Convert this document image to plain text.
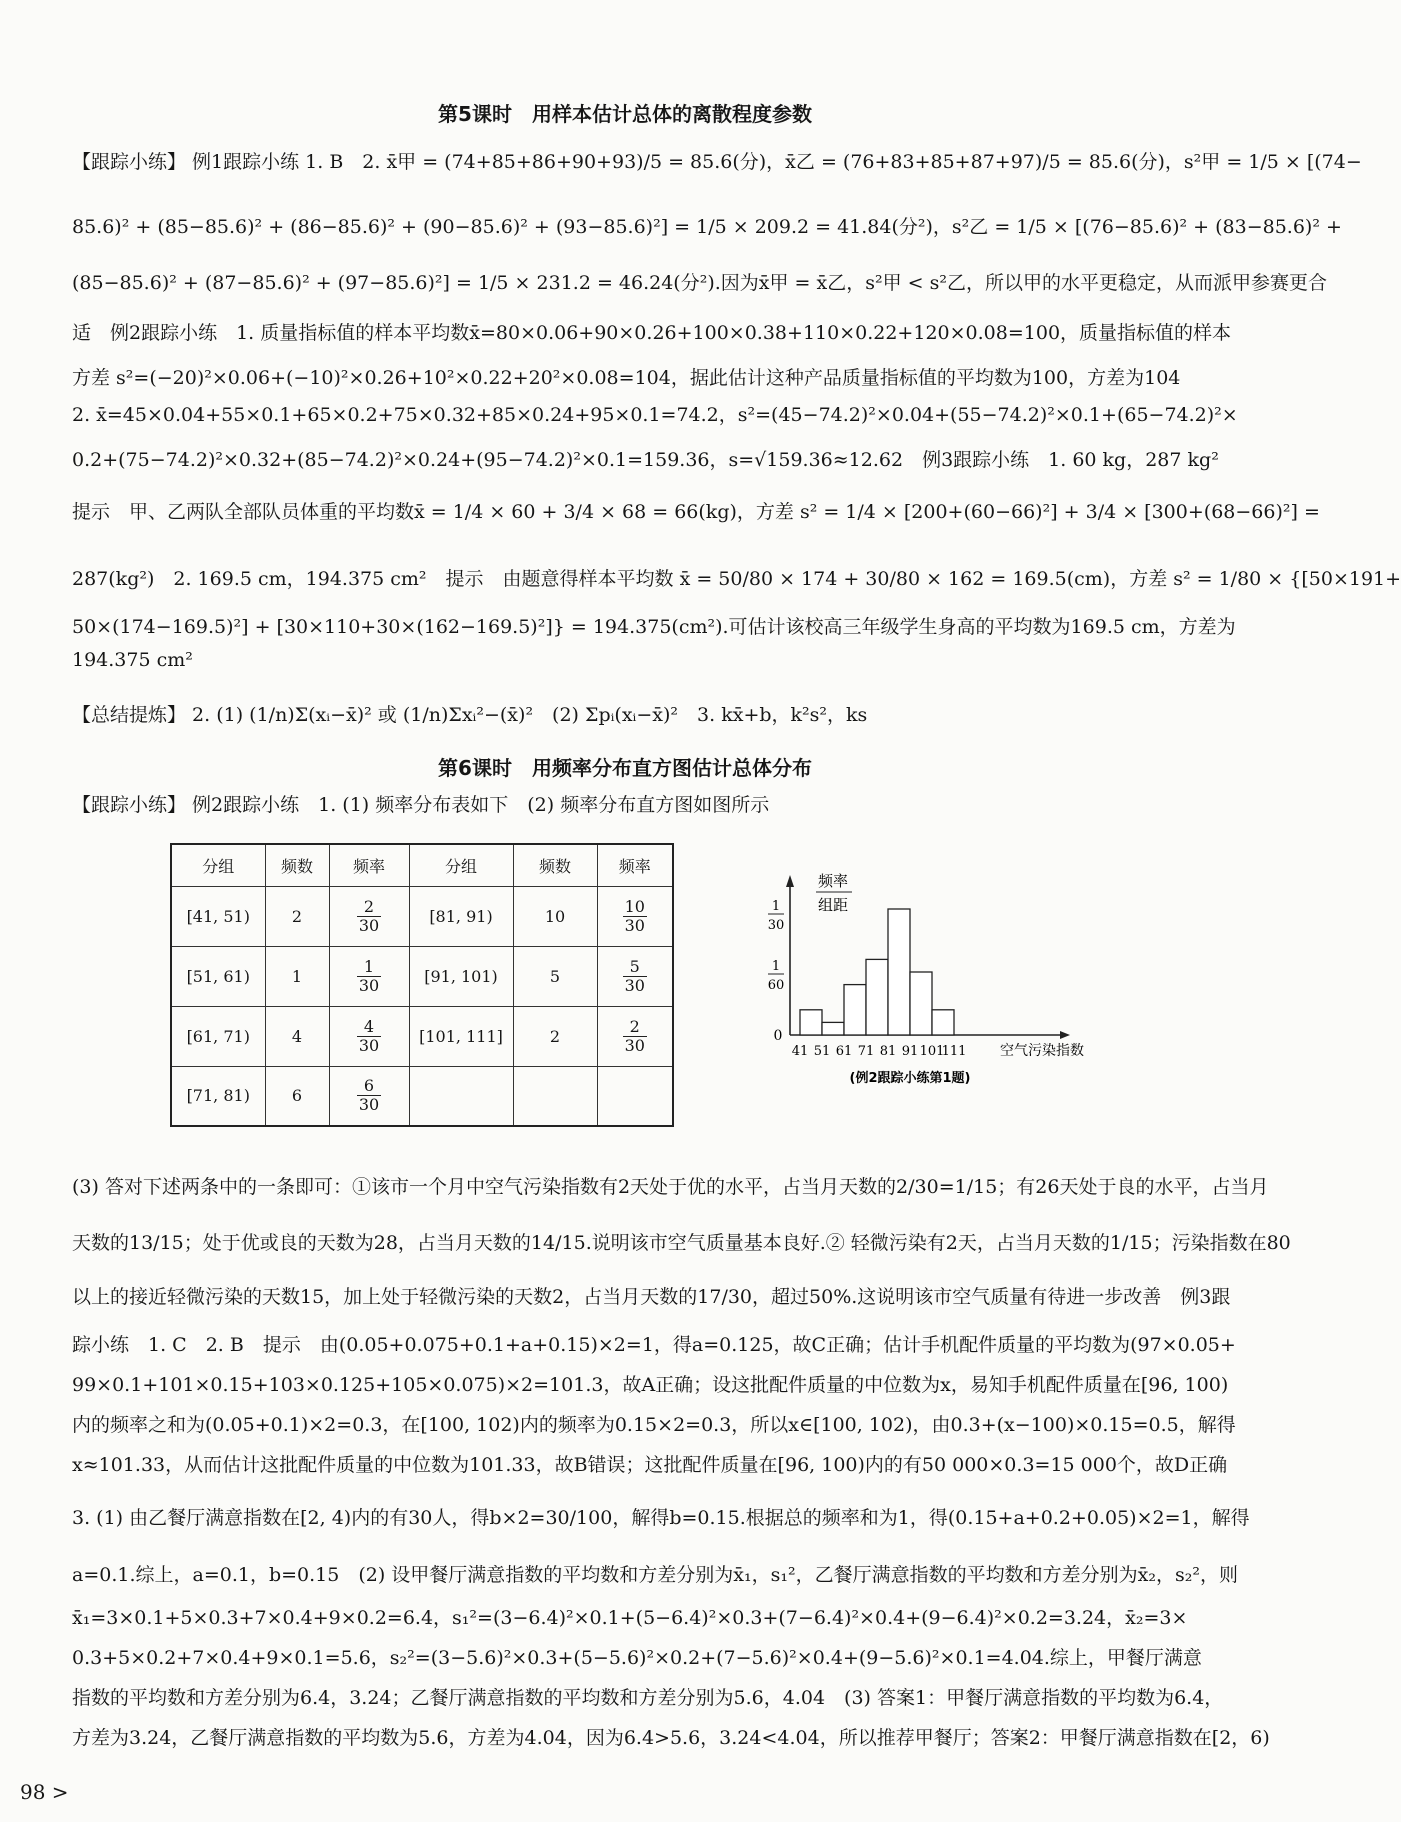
第5课时　用样本估计总体的离散程度参数
【跟踪小练】 例1跟踪小练 1. B　2. x̄甲 = (74+85+86+90+93)/5 = 85.6(分)，x̄乙 = (76+83+85+87+97)/5 = 85.6(分)，s²甲 = 1/5 × [(74−
85.6)² + (85−85.6)² + (86−85.6)² + (90−85.6)² + (93−85.6)²] = 1/5 × 209.2 = 41.84(分²)，s²乙 = 1/5 × [(76−85.6)² + (83−85.6)² +
(85−85.6)² + (87−85.6)² + (97−85.6)²] = 1/5 × 231.2 = 46.24(分²).因为x̄甲 = x̄乙，s²甲 < s²乙，所以甲的水平更稳定，从而派甲参赛更合
适　例2跟踪小练　1. 质量指标值的样本平均数x̄=80×0.06+90×0.26+100×0.38+110×0.22+120×0.08=100，质量指标值的样本
方差 s²=(−20)²×0.06+(−10)²×0.26+10²×0.22+20²×0.08=104，据此估计这种产品质量指标值的平均数为100，方差为104
2. x̄=45×0.04+55×0.1+65×0.2+75×0.32+85×0.24+95×0.1=74.2，s²=(45−74.2)²×0.04+(55−74.2)²×0.1+(65−74.2)²×
0.2+(75−74.2)²×0.32+(85−74.2)²×0.24+(95−74.2)²×0.1=159.36，s=√159.36≈12.62　例3跟踪小练　1. 60 kg，287 kg²
提示　甲、乙两队全部队员体重的平均数x̄ = 1/4 × 60 + 3/4 × 68 = 66(kg)，方差 s² = 1/4 × [200+(60−66)²] + 3/4 × [300+(68−66)²] =
287(kg²)　2. 169.5 cm，194.375 cm²　提示　由题意得样本平均数 x̄ = 50/80 × 174 + 30/80 × 162 = 169.5(cm)，方差 s² = 1/80 × {[50×191+
50×(174−169.5)²] + [30×110+30×(162−169.5)²]} = 194.375(cm²).可估计该校高三年级学生身高的平均数为169.5 cm，方差为
194.375 cm²
【总结提炼】 2. (1) (1/n)Σ(xᵢ−x̄)² 或 (1/n)Σxᵢ²−(x̄)²　(2) Σpᵢ(xᵢ−x̄)²　3. kx̄+b，k²s²，ks
第6课时　用频率分布直方图估计总体分布
【跟踪小练】 例2跟踪小练　1. (1) 频率分布表如下　(2) 频率分布直方图如图所示
分组	频数	频率	分组	频数	频率
[41, 51)	2	$\frac{2}{30}$	[81, 91)	10	$\frac{10}{30}$

[51, 61)	1	$\frac{1}{30}$	[91, 101)	5	$\frac{5}{30}$

[61, 71)	4	$\frac{4}{30}$	[101, 111]	2	$\frac{2}{30}$

[71, 81)	6	$\frac{6}{30}$

频率
组距
1
30
1
60
0
41 51 61 71 81 91 101
111 空气污染指数
(例2跟踪小练第1题)
(3) 答对下述两条中的一条即可：①该市一个月中空气污染指数有2天处于优的水平，占当月天数的2/30=1/15；有26天处于良的水平，占当月
天数的13/15；处于优或良的天数为28，占当月天数的14/15.说明该市空气质量基本良好.② 轻微污染有2天，占当月天数的1/15；污染指数在80
以上的接近轻微污染的天数15，加上处于轻微污染的天数2，占当月天数的17/30，超过50%.这说明该市空气质量有待进一步改善　例3跟
踪小练　1. C　2. B　提示　由(0.05+0.075+0.1+a+0.15)×2=1，得a=0.125，故C正确；估计手机配件质量的平均数为(97×0.05+
99×0.1+101×0.15+103×0.125+105×0.075)×2=101.3，故A正确；设这批配件质量的中位数为x，易知手机配件质量在[96, 100)
内的频率之和为(0.05+0.1)×2=0.3，在[100, 102)内的频率为0.15×2=0.3，所以x∈[100, 102)，由0.3+(x−100)×0.15=0.5，解得
x≈101.33，从而估计这批配件质量的中位数为101.33，故B错误；这批配件质量在[96, 100)内的有50 000×0.3=15 000个，故D正确
3. (1) 由乙餐厅满意指数在[2, 4)内的有30人，得b×2=30/100，解得b=0.15.根据总的频率和为1，得(0.15+a+0.2+0.05)×2=1，解得
a=0.1.综上，a=0.1，b=0.15　(2) 设甲餐厅满意指数的平均数和方差分别为x̄₁，s₁²，乙餐厅满意指数的平均数和方差分别为x̄₂，s₂²，则
x̄₁=3×0.1+5×0.3+7×0.4+9×0.2=6.4，s₁²=(3−6.4)²×0.1+(5−6.4)²×0.3+(7−6.4)²×0.4+(9−6.4)²×0.2=3.24，x̄₂=3×
0.3+5×0.2+7×0.4+9×0.1=5.6，s₂²=(3−5.6)²×0.3+(5−5.6)²×0.2+(7−5.6)²×0.4+(9−5.6)²×0.1=4.04.综上，甲餐厅满意
指数的平均数和方差分别为6.4，3.24；乙餐厅满意指数的平均数和方差分别为5.6，4.04　(3) 答案1：甲餐厅满意指数的平均数为6.4，
方差为3.24，乙餐厅满意指数的平均数为5.6，方差为4.04，因为6.4>5.6，3.24<4.04，所以推荐甲餐厅；答案2：甲餐厅满意指数在[2，6)
98 >
